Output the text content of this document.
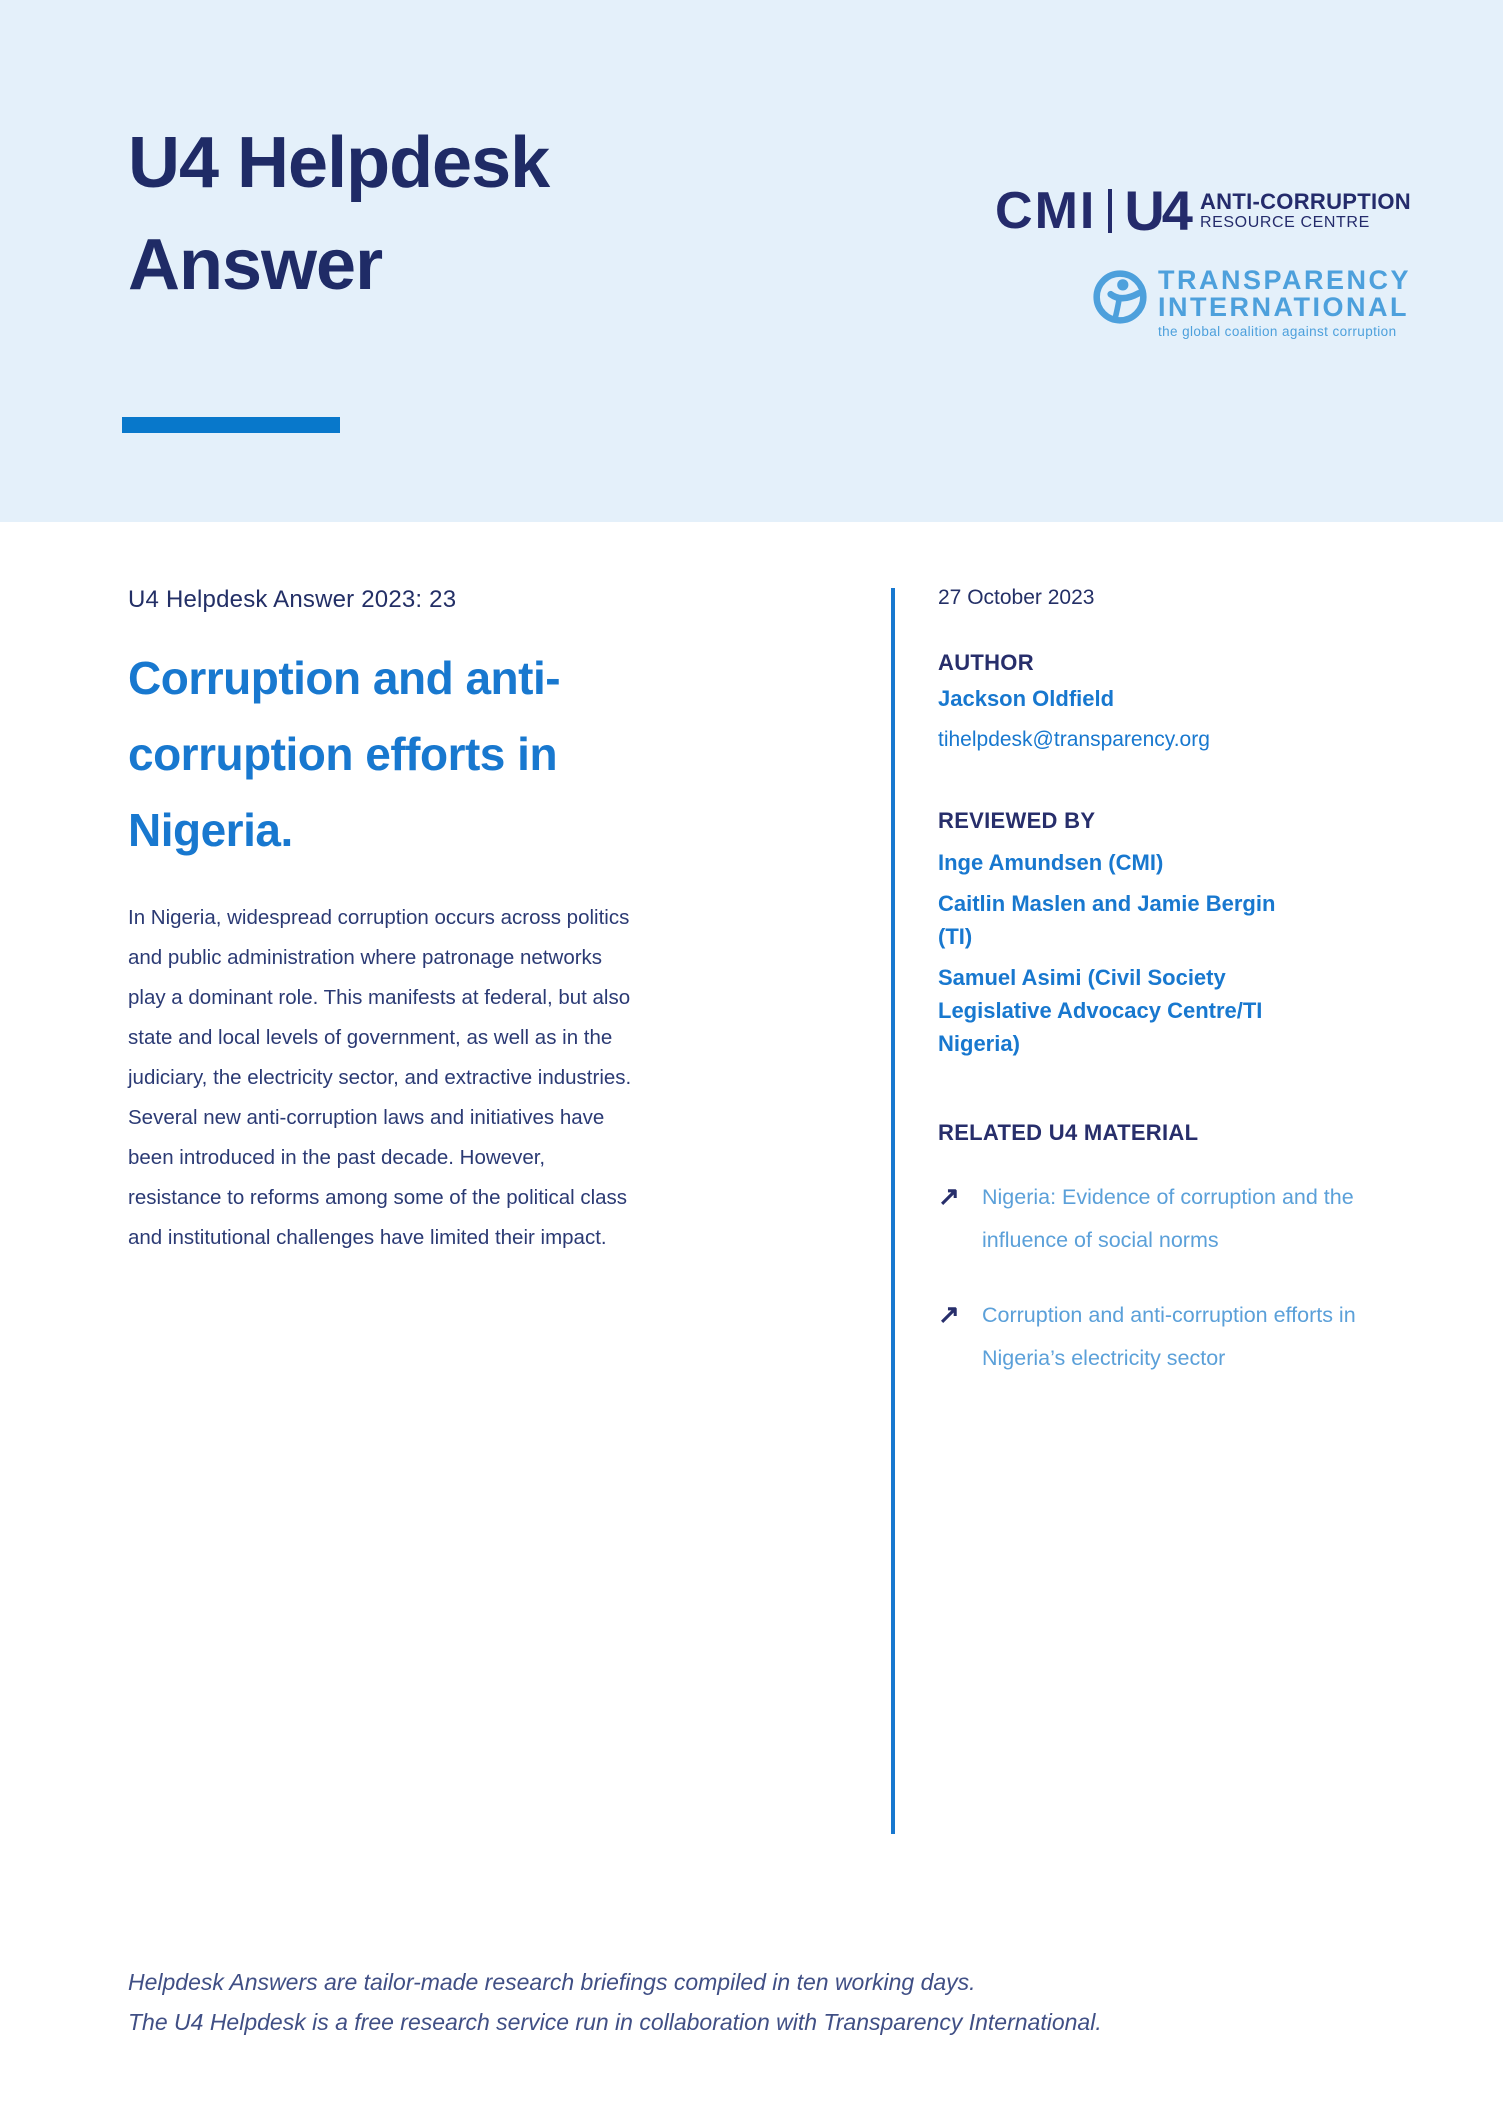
U4 Helpdesk
Answer
CMI U4 ANTI-CORRUPTION
RESOURCE CENTRE
TRANSPARENCY
INTERNATIONAL
the global coalition against corruption
U4 Helpdesk Answer 2023: 23
Corruption and anti-corruption efforts in Nigeria.

In Nigeria, widespread corruption occurs across politics and public administration where patronage networks play a dominant role. This manifests at federal, but also state and local levels of government, as well as in the judiciary, the electricity sector, and extractive industries. Several new anti-corruption laws and initiatives have been introduced in the past decade. However, resistance to reforms among some of the political class and institutional challenges have limited their impact.

27 October 2023
AUTHOR
Jackson Oldfield
tihelpdesk@transparency.org
REVIEWED BY
Inge Amundsen (CMI)
Caitlin Maslen and Jamie Bergin (TI)
Samuel Asimi (Civil Society Legislative Advocacy Centre/TI Nigeria)
RELATED U4 MATERIAL
↗	Nigeria: Evidence of corruption and the influence of social norms
↗	Corruption and anti-corruption efforts in Nigeria’s electricity sector
Helpdesk Answers are tailor-made research briefings compiled in ten working days.
The U4 Helpdesk is a free research service run in collaboration with Transparency International.
